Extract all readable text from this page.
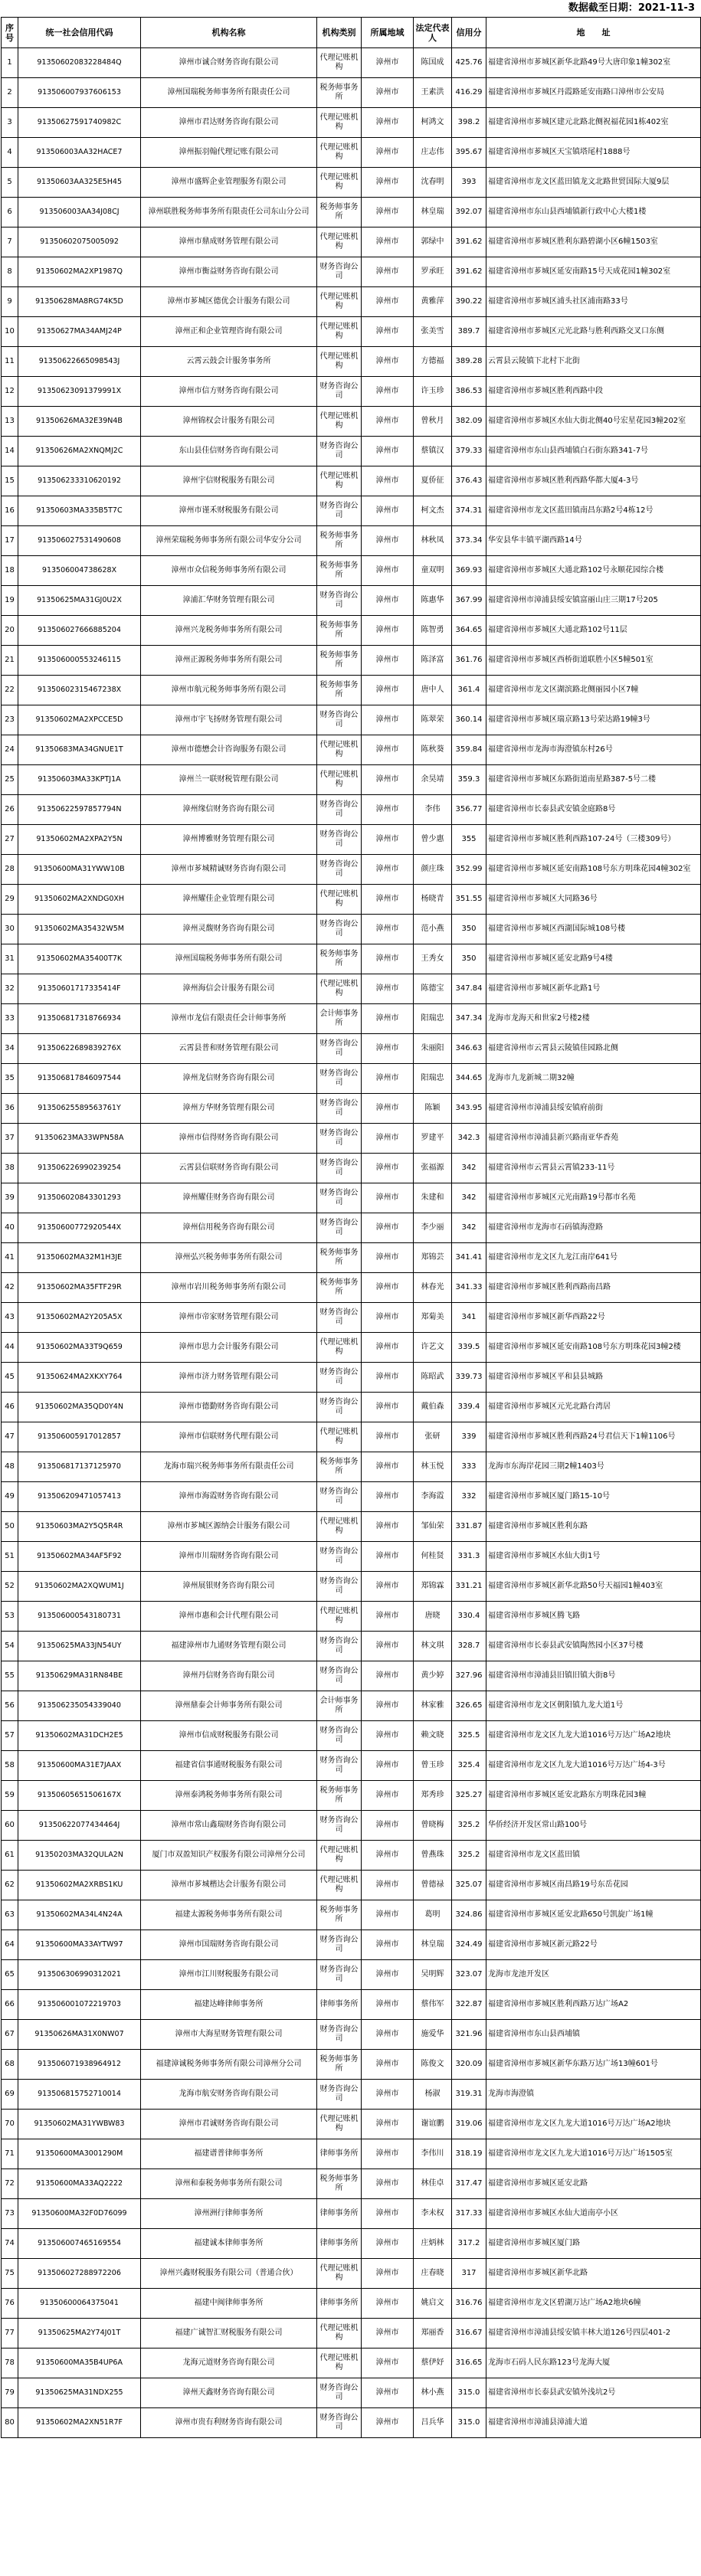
数据截至日期：2021-11-3
序号	统一社会信用代码	机构名称	机构类别	所属地域	法定代表人	信用分	地　　址
1	91350602083228484Q	漳州市诚合财务咨询有限公司	代理记账机构	漳州市	陈国成	425.76	福建省漳州市芗城区新华北路49号大唐印象1幢302室
2	913506007937606153	漳州国瑞税务师事务所有限责任公司	税务师事务所	漳州市	王素洪	416.29	福建省漳州市芗城区丹霞路延安南路口漳州市公安局
3	91350627591740982C	漳州市君达财务咨询有限公司	代理记账机构	漳州市	柯鸿文	398.2	福建省漳州市芗城区建元北路北侧祝福花园1栋402室
4	913506003AA32HACE7	漳州振羽翰代理记账有限公司	代理记账机构	漳州市	庄志伟	395.67	福建省漳州市芗城区天宝镇塔尾村1888号
5	91350603AA325E5H45	漳州市盛辉企业管理服务有限公司	代理记账机构	漳州市	沈春明	393	福建省漳州市龙文区蓝田镇龙文北路世贸国际大厦9层
6	913506003AA34J08CJ	漳州联胜税务师事务所有限责任公司东山分公司	税务师事务所	漳州市	林皇瑞	392.07	福建省漳州市东山县西埔镇新行政中心大楼1楼
7	91350602075005092	漳州市鼎成财务管理有限公司	代理记账机构	漳州市	郭绿中	391.62	福建省漳州市芗城区胜利东路碧湖小区6幢1503室
8	91350602MA2XP1987Q	漳州市衡益财务咨询有限公司	财务咨询公司	漳州市	罗承旺	391.62	福建省漳州市芗城区延安南路15号天成花园1幢302室
9	91350628MA8RG74K5D	漳州市芗城区德优会计服务有限公司	代理记账机构	漳州市	黄雅萍	390.22	福建省漳州市芗城区浦头社区浦南路33号
10	91350627MA34AMJ24P	漳州正和企业管理咨询有限公司	代理记账机构	漳州市	张美雪	389.7	福建省漳州市芗城区元光北路与胜利西路交叉口东侧
11	91350622665098543J	云霄云鼓会计服务事务所	代理记账机构	漳州市	方德福	389.28	云霄县云陵镇下北村下北街
12	91350623091379991X	漳州市信方财务咨询有限公司	财务咨询公司	漳州市	许玉珍	386.53	福建省漳州市芗城区胜利西路中段
13	91350626MA32E39N4B	漳州锦权会计服务有限公司	代理记账机构	漳州市	曾秋月	382.09	福建省漳州市芗城区水仙大街北侧40号宏星花园3幢202室
14	91350626MA2XNQMJ2C	东山县佳信财务咨询有限公司	财务咨询公司	漳州市	蔡镇汉	379.33	福建省漳州市东山县西埔镇白石街东路341-7号
15	913506233310620192	漳州宇信财税服务有限公司	代理记账机构	漳州市	夏侨征	376.43	福建省漳州市芗城区胜利西路华都大厦4-3号
16	91350603MA335B5T7C	漳州市谨禾财税服务有限公司	财务咨询公司	漳州市	柯文杰	374.31	福建省漳州市龙文区蓝田镇南昌东路2号4栋12号
17	913506027531490608	漳州荣瑞税务师事务所有限公司华安分公司	税务师事务所	漳州市	林秋凤	373.34	华安县华丰镇平湖西路14号
18	913506004738628X	漳州市众信税务师事务所有限公司	税务师事务所	漳州市	童双明	369.93	福建省漳州市芗城区大通北路102号永顺花园综合楼
19	91350625MA31GJ0U2X	漳浦汇华财务管理有限公司	财务咨询公司	漳州市	陈惠华	367.99	福建省漳州市漳浦县绥安镇富丽山庄三期17号205
20	913506027666885204	漳州兴龙税务师事务所有限公司	税务师事务所	漳州市	陈智勇	364.65	福建省漳州市芗城区大通北路102号11层
21	913506000553246115	漳州正源税务师事务所有限公司	税务师事务所	漳州市	陈泽富	361.76	福建省漳州市芗城区西桥街道联胜小区5幢501室
22	91350602315467238X	漳州市航元税务师事务所有限公司	税务师事务所	漳州市	唐中人	361.4	福建省漳州市龙文区湖滨路北侧丽园小区7幢
23	91350602MA2XPCCE5D	漳州市宇飞扬财务管理有限公司	财务咨询公司	漳州市	陈翠荣	360.14	福建省漳州市芗城区瑞京路13号荣达路19幢3号
24	91350683MA34GNUE1T	漳州市德懋会计咨询服务有限公司	代理记账机构	漳州市	陈秋葵	359.84	福建省漳州市龙海市海澄镇东村26号
25	91350603MA33KPTJ1A	漳州兰一联财税管理有限公司	代理记账机构	漳州市	余昊靖	359.3	福建省漳州市芗城区东路街道南星路387-5号二楼
26	91350622597857794N	漳州缘信财务咨询有限公司	财务咨询公司	漳州市	李伟	356.77	福建省漳州市长泰县武安镇金庭路8号
27	91350602MA2XPA2Y5N	漳州博雅财务管理有限公司	财务咨询公司	漳州市	曾少惠	355	福建省漳州市芗城区胜利西路107-24号（三楼309号）
28	91350600MA31YWW10B	漳州市芗城精诚财务咨询有限公司	财务咨询公司	漳州市	颜庄珠	352.99	福建省漳州市芗城区延安南路108号东方明珠花园4幢302室
29	91350602MA2XNDG0XH	漳州耀佳企业管理有限公司	代理记账机构	漳州市	杨晓青	351.55	福建省漳州市芗城区大同路36号
30	91350602MA35432W5M	漳州灵馥财务咨询有限公司	财务咨询公司	漳州市	范小燕	350	福建省漳州市芗城区西湖国际城108号楼
31	91350602MA35400T7K	漳州国瑞税务师事务所有限公司	税务师事务所	漳州市	王秀女	350	福建省漳州市芗城区延安北路9号4楼
32	91350601717335414F	漳州海信会计服务有限公司	代理记账机构	漳州市	陈德宝	347.84	福建省漳州市芗城区新华北路1号
33	913506817318766934	漳州市龙信有限责任会计师事务所	会计师事务所	漳州市	阳瑞忠	347.34	龙海市龙海天和世家2号楼2楼
34	91350622689839276X	云霄县普和财务管理有限公司	财务咨询公司	漳州市	朱丽阳	346.63	福建省漳州市云霄县云陵镇佳园路北侧
35	913506817846097544	漳州龙信财务咨询有限公司	财务咨询公司	漳州市	阳瑞忠	344.65	龙海市九龙新城二期32幢
36	91350625589563761Y	漳州方华财务管理有限公司	财务咨询公司	漳州市	陈颖	343.95	福建省漳州市漳浦县绥安镇府前街
37	91350623MA33WPN58A	漳州市信得财务咨询有限公司	财务咨询公司	漳州市	罗建平	342.3	福建省漳州市漳浦县新兴路南亚华香苑
38	913506226990239254	云霄县信联财务咨询有限公司	财务咨询公司	漳州市	张福源	342	福建省漳州市云霄县云霄镇233-11号
39	913506020843301293	漳州耀佳财务咨询有限公司	财务咨询公司	漳州市	朱建和	342	福建省漳州市芗城区元光南路19号都市名苑
40	91350600772920544X	漳州信用税务咨询有限公司	财务咨询公司	漳州市	李少丽	342	福建省漳州市龙海市石码镇海澄路
41	91350602MA32M1H3JE	漳州弘兴税务师事务所有限公司	税务师事务所	漳州市	郑锦芸	341.41	福建省漳州市龙文区九龙江南岸641号
42	91350602MA35FTF29R	漳州市岩川税务师事务所有限公司	税务师事务所	漳州市	林春光	341.33	福建省漳州市芗城区胜利西路南昌路
43	91350602MA2Y205A5X	漳州市帝家财务管理有限公司	财务咨询公司	漳州市	郑菊美	341	福建省漳州市芗城区新华西路22号
44	91350602MA33T9Q659	漳州市思力会计服务有限公司	代理记账机构	漳州市	许艺文	339.5	福建省漳州市芗城区延安南路108号东方明珠花园3幢2楼
45	91350624MA2XKXY764	漳州市济力财务管理有限公司	财务咨询公司	漳州市	陈昭武	339.73	福建省漳州市芗城区平和县县城路
46	91350602MA35QD0Y4N	漳州市德勤财务咨询有限公司	财务咨询公司	漳州市	戴伯森	339.4	福建省漳州市芗城区元光北路台湾居
47	913506005917012857	漳州市信联财务代理有限公司	代理记账机构	漳州市	张研	339	福建省漳州市芗城区胜利西路24号君信天下1幢1106号
48	913506817137125970	龙海市瑞兴税务师事务所有限责任公司	税务师事务所	漳州市	林玉悦	333	龙海市东海岸花园三期2幢1403号
49	913506209471057413	漳州市海霞财务咨询有限公司	财务咨询公司	漳州市	李海霞	332	福建省漳州市芗城区厦门路15-10号
50	91350603MA2Y5Q5R4R	漳州市芗城区源纳会计服务有限公司	代理记账机构	漳州市	邹仙荣	331.87	福建省漳州市芗城区胜利东路
51	91350602MA34AF5F92	漳州市川瑞财务咨询有限公司	财务咨询公司	漳州市	何桂贤	331.3	福建省漳州市芗城区水仙大街1号
52	91350602MA2XQWUM1J	漳州展银财务咨询有限公司	财务咨询公司	漳州市	郑锦霖	331.21	福建省漳州市芗城区新华北路50号天福园1幢403室
53	913506000543180731	漳州市惠和会计代理有限公司	代理记账机构	漳州市	唐晓	330.4	福建省漳州市芗城区腾飞路
54	91350625MA33JN54UY	福建漳州市九通财务管理有限公司	财务咨询公司	漳州市	林文琪	328.7	福建省漳州市长泰县武安镇陶然园小区37号楼
55	91350629MA31RN84BE	漳州丹信财务咨询有限公司	财务咨询公司	漳州市	黄少婷	327.96	福建省漳州市漳浦县旧镇旧镇大街8号
56	913506235054339040	漳州鼎泰会计师事务所有限公司	会计师事务所	漳州市	林家雅	326.65	福建省漳州市龙文区朝阳镇九龙大道1号
57	91350602MA31DCH2E5	漳州市信成财税服务有限公司	财务咨询公司	漳州市	赖文晓	325.5	福建省漳州市龙文区九龙大道1016号万达广场A2地块
58	91350600MA31E7JAAX	福建省信事通财税服务有限公司	财务咨询公司	漳州市	曾玉珍	325.4	福建省漳州市龙文区九龙大道1016号万达广场4-3号
59	91350605651506167X	漳州泰鸿税务师事务所有限公司	税务师事务所	漳州市	郑秀珍	325.27	福建省漳州市芗城区延安北路东方明珠花园3幢
60	91350622077434464J	漳州市常山鑫瑞财务咨询有限公司	财务咨询公司	漳州市	曾晓梅	325.2	华侨经济开发区常山路100号
61	91350203MA32QULA2N	厦门市双盈知识产权服务有限公司漳州分公司	代理记账机构	漳州市	曾燕珠	325.2	福建省漳州市龙文区蓝田镇
62	91350602MA2XRBS1KU	漳州市芗城楷达会计服务有限公司	代理记账机构	漳州市	曾德禄	325.07	福建省漳州市芗城区南昌路19号东岳花园
63	91350602MA34L4N24A	福建太源税务师事务所有限公司	税务师事务所	漳州市	葛明	324.86	福建省漳州市芗城区延安北路650号凯旋广场1幢
64	91350600MA33AYTW97	漳州市国瑞财务咨询有限公司	财务咨询公司	漳州市	林皇瑞	324.49	福建省漳州市芗城区新元路22号
65	913506306990312021	漳州市江川财税服务有限公司	财务咨询公司	漳州市	吴明辉	323.07	龙海市龙池开发区
66	913506001072219703	福建达峰律师事务所	律师事务所	漳州市	蔡伟军	322.87	福建省漳州市芗城区胜利西路万达广场A2
67	91350626MA31X0NW07	漳州市大海星财务管理有限公司	财务咨询公司	漳州市	施爱华	321.96	福建省漳州市东山县西埔镇
68	913506071938964912	福建漳诚税务师事务所有限公司漳州分公司	税务师事务所	漳州市	陈俊文	320.09	福建省漳州市芗城区新华东路万达广场13幢601号
69	913506815752710014	龙海市航安财务咨询有限公司	财务咨询公司	漳州市	杨淑	319.31	龙海市海澄镇
70	91350602MA31YWBW83	漳州市君诚财务咨询有限公司	代理记账机构	漳州市	谢谊鹏	319.06	福建省漳州市龙文区九龙大道1016号万达广场A2地块
71	91350600MA3001290M	福建谱普律师事务所	律师事务所	漳州市	李伟川	318.19	福建省漳州市龙文区九龙大道1016号万达广场1505室
72	91350600MA33AQ2222	漳州和泰税务师事务所有限公司	税务师事务所	漳州市	林佳卓	317.47	福建省漳州市芗城区延安北路
73	91350600MA32F0D76099	漳州洲行律师事务所	律师事务所	漳州市	李未权	317.33	福建省漳州市芗城区水仙大道南亭小区
74	913506007465169554	福建诚本律师事务所	律师事务所	漳州市	庄炳林	317.2	福建省漳州市芗城区厦门路
75	913506027288972206	漳州兴鑫财税服务有限公司（普通合伙）	代理记账机构	漳州市	庄春晓	317	福建省漳州市芗城区新华北路
76	91350600064375041	福建中闽律师事务所	律师事务所	漳州市	姚启文	316.76	福建省漳州市龙文区碧湖万达广场A2地块6幢
77	91350625MA2Y74J01T	福建广诚智汇财税服务有限公司	代理记账机构	漳州市	郑丽香	316.67	福建省漳州市漳浦县绥安镇丰林大道126号四层401-2
78	91350600MA35B4UP6A	龙海元道财务咨询有限公司	代理记账机构	漳州市	蔡伊妤	316.65	龙海市石码人民东路123号龙海大厦
79	91350625MA31NDX255	漳州天鑫财务咨询有限公司	财务咨询公司	漳州市	林小燕	315.0	福建省漳州市长泰县武安镇外浅坑2号
80	91350602MA2XN51R7F	漳州市贵有利财务咨询有限公司	财务咨询公司	漳州市	吕兵华	315.0	福建省漳州市漳浦县漳浦大道
